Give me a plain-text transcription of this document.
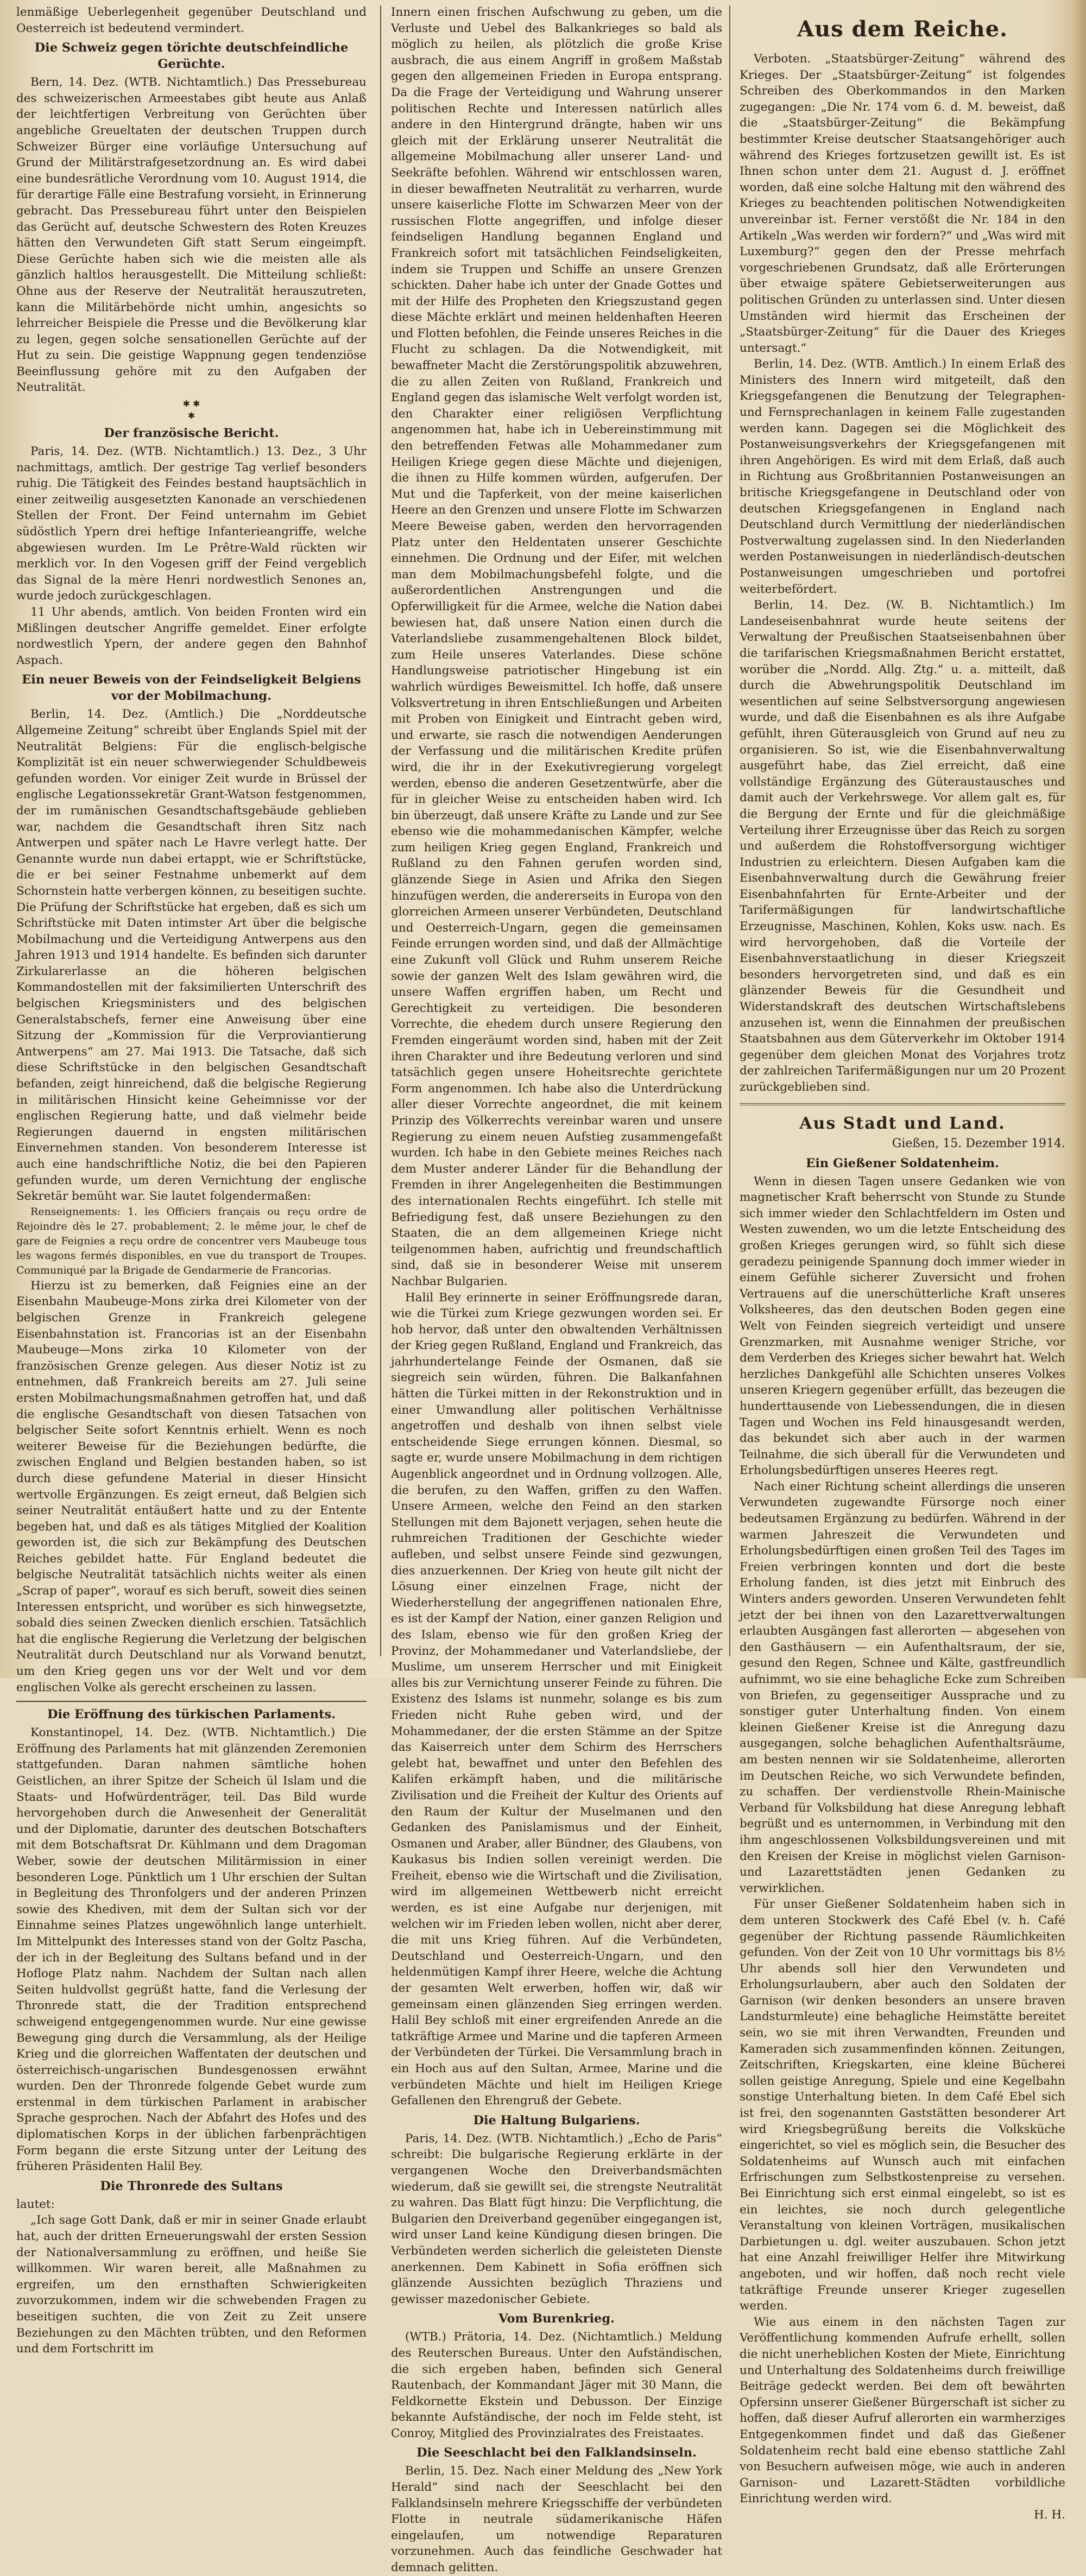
lenmäßige Ueberlegenheit gegenüber Deutschland und Oesterreich ist bedeutend vermindert.

Die Schweiz gegen törichte deutschfeindliche Gerüchte.

Bern, 14. Dez. (WTB. Nichtamtlich.) Das Pressebureau des schweizerischen Armeestabes gibt heute aus Anlaß der leichtfertigen Verbreitung von Gerüchten über angebliche Greueltaten der deutschen Truppen durch Schweizer Bürger eine vorläufige Untersuchung auf Grund der Militärstrafgesetzordnung an. Es wird dabei eine bundesrätliche Verordnung vom 10. August 1914, die für derartige Fälle eine Bestrafung vorsieht, in Erinnerung gebracht. Das Pressebureau führt unter den Beispielen das Gerücht auf, deutsche Schwestern des Roten Kreuzes hätten den Verwundeten Gift statt Serum eingeimpft. Diese Gerüchte haben sich wie die meisten alle als gänzlich haltlos herausgestellt. Die Mitteilung schließt: Ohne aus der Reserve der Neutralität herauszutreten, kann die Militärbehörde nicht umhin, angesichts so lehrreicher Beispiele die Presse und die Bevölkerung klar zu legen, gegen solche sensationellen Gerüchte auf der Hut zu sein. Die geistige Wappnung gegen tendenziöse Beeinflussung gehöre mit zu den Aufgaben der Neutralität.

✱ ✱
✱
Der französische Bericht.

Paris, 14. Dez. (WTB. Nichtamtlich.) 13. Dez., 3 Uhr nachmittags, amtlich. Der gestrige Tag verlief besonders ruhig. Die Tätigkeit des Feindes bestand hauptsächlich in einer zeitweilig ausgesetzten Kanonade an verschiedenen Stellen der Front. Der Feind unternahm im Gebiet südöstlich Ypern drei heftige Infanterieangriffe, welche abgewiesen wurden. Im Le Prêtre-Wald rückten wir merklich vor. In den Vogesen griff der Feind vergeblich das Signal de la mère Henri nordwestlich Senones an, wurde jedoch zurückgeschlagen.

11 Uhr abends, amtlich. Von beiden Fronten wird ein Mißlingen deutscher Angriffe gemeldet. Einer erfolgte nordwestlich Ypern, der andere gegen den Bahnhof Aspach.

Ein neuer Beweis von der Feindseligkeit Belgiens vor der Mobilmachung.

Berlin, 14. Dez. (Amtlich.) Die „Norddeutsche Allgemeine Zeitung“ schreibt über Englands Spiel mit der Neutralität Belgiens: Für die englisch-belgische Komplizität ist ein neuer schwerwiegender Schuldbeweis gefunden worden. Vor einiger Zeit wurde in Brüssel der englische Legationssekretär Grant-Watson festgenommen, der im rumänischen Gesandtschaftsgebäude geblieben war, nachdem die Gesandtschaft ihren Sitz nach Antwerpen und später nach Le Havre verlegt hatte. Der Genannte wurde nun dabei ertappt, wie er Schriftstücke, die er bei seiner Festnahme unbemerkt auf dem Schornstein hatte verbergen können, zu beseitigen suchte. Die Prüfung der Schriftstücke hat ergeben, daß es sich um Schriftstücke mit Daten intimster Art über die belgische Mobilmachung und die Verteidigung Antwerpens aus den Jahren 1913 und 1914 handelte. Es befinden sich darunter Zirkularerlasse an die höheren belgischen Kommandostellen mit der faksimilierten Unterschrift des belgischen Kriegsministers und des belgischen Generalstabschefs, ferner eine Anweisung über eine Sitzung der „Kommission für die Verproviantierung Antwerpens“ am 27. Mai 1913. Die Tatsache, daß sich diese Schriftstücke in den belgischen Gesandtschaft befanden, zeigt hinreichend, daß die belgische Regierung in militärischen Hinsicht keine Geheimnisse vor der englischen Regierung hatte, und daß vielmehr beide Regierungen dauernd in engsten militärischen Einvernehmen standen. Von besonderem Interesse ist auch eine handschriftliche Notiz, die bei den Papieren gefunden wurde, um deren Vernichtung der englische Sekretär bemüht war. Sie lautet folgendermaßen:

Renseignements: 1. les Officiers français ou reçu ordre de Rejoindre dès le 27. probablement; 2. le même jour, le chef de gare de Feignies a reçu ordre de concentrer vers Maubeuge tous les wagons fermés disponibles, en vue du transport de Troupes. Communiqué par la Brigade de Gendarmerie de Francorias.

Hierzu ist zu bemerken, daß Feignies eine an der Eisenbahn Maubeuge-Mons zirka drei Kilometer von der belgischen Grenze in Frankreich gelegene Eisenbahnstation ist. Francorias ist an der Eisenbahn Maubeuge—Mons zirka 10 Kilometer von der französischen Grenze gelegen. Aus dieser Notiz ist zu entnehmen, daß Frankreich bereits am 27. Juli seine ersten Mobilmachungsmaßnahmen getroffen hat, und daß die englische Gesandtschaft von diesen Tatsachen von belgischer Seite sofort Kenntnis erhielt. Wenn es noch weiterer Beweise für die Beziehungen bedürfte, die zwischen England und Belgien bestanden haben, so ist durch diese gefundene Material in dieser Hinsicht wertvolle Ergänzungen. Es zeigt erneut, daß Belgien sich seiner Neutralität entäußert hatte und zu der Entente begeben hat, und daß es als tätiges Mitglied der Koalition geworden ist, die sich zur Bekämpfung des Deutschen Reiches gebildet hatte. Für England bedeutet die belgische Neutralität tatsächlich nichts weiter als einen „Scrap of paper“, worauf es sich beruft, soweit dies seinen Interessen entspricht, und worüber es sich hinwegsetzte, sobald dies seinen Zwecken dienlich erschien. Tatsächlich hat die englische Regierung die Verletzung der belgischen Neutralität durch Deutschland nur als Vorwand benutzt, um den Krieg gegen uns vor der Welt und vor dem englischen Volke als gerecht erscheinen zu lassen.

Die Eröffnung des türkischen Parlaments.

Konstantinopel, 14. Dez. (WTB. Nichtamtlich.) Die Eröffnung des Parlaments hat mit glänzenden Zeremonien stattgefunden. Daran nahmen sämtliche hohen Geistlichen, an ihrer Spitze der Scheich ül Islam und die Staats- und Hofwürdenträger, teil. Das Bild wurde hervorgehoben durch die Anwesenheit der Generalität und der Diplomatie, darunter des deutschen Botschafters mit dem Botschaftsrat Dr. Kühlmann und dem Dragoman Weber, sowie der deutschen Militärmission in einer besonderen Loge. Pünktlich um 1 Uhr erschien der Sultan in Begleitung des Thronfolgers und der anderen Prinzen sowie des Khediven, mit dem der Sultan sich vor der Einnahme seines Platzes ungewöhnlich lange unterhielt. Im Mittelpunkt des Interesses stand von der Goltz Pascha, der ich in der Begleitung des Sultans befand und in der Hofloge Platz nahm. Nachdem der Sultan nach allen Seiten huldvollst gegrüßt hatte, fand die Verlesung der Thronrede statt, die der Tradition entsprechend schweigend entgegengenommen wurde. Nur eine gewisse Bewegung ging durch die Versammlung, als der Heilige Krieg und die glorreichen Waffentaten der deutschen und österreichisch-ungarischen Bundesgenossen erwähnt wurden. Den der Thronrede folgende Gebet wurde zum erstenmal in dem türkischen Parlament in arabischer Sprache gesprochen. Nach der Abfahrt des Hofes und des diplomatischen Korps in der üblichen farbenprächtigen Form begann die erste Sitzung unter der Leitung des früheren Präsidenten Halil Bey.

Die Thronrede des Sultans

lautet:

„Ich sage Gott Dank, daß er mir in seiner Gnade erlaubt hat, auch der dritten Erneuerungswahl der ersten Session der Nationalversammlung zu eröffnen, und heiße Sie willkommen. Wir waren bereit, alle Maßnahmen zu ergreifen, um den ernsthaften Schwierigkeiten zuvorzukommen, indem wir die schwebenden Fragen zu beseitigen suchten, die von Zeit zu Zeit unsere Beziehungen zu den Mächten trübten, und den Reformen und dem Fortschritt im

Innern einen frischen Aufschwung zu geben, um die Verluste und Uebel des Balkankrieges so bald als möglich zu heilen, als plötzlich die große Krise ausbrach, die aus einem Angriff in großem Maßstab gegen den allgemeinen Frieden in Europa entsprang. Da die Frage der Verteidigung und Wahrung unserer politischen Rechte und Interessen natürlich alles andere in den Hintergrund drängte, haben wir uns gleich mit der Erklärung unserer Neutralität die allgemeine Mobilmachung aller unserer Land- und Seekräfte befohlen. Während wir entschlossen waren, in dieser bewaffneten Neutralität zu verharren, wurde unsere kaiserliche Flotte im Schwarzen Meer von der russischen Flotte angegriffen, und infolge dieser feindseligen Handlung begannen England und Frankreich sofort mit tatsächlichen Feindseligkeiten, indem sie Truppen und Schiffe an unsere Grenzen schickten. Daher habe ich unter der Gnade Gottes und mit der Hilfe des Propheten den Kriegszustand gegen diese Mächte erklärt und meinen heldenhaften Heeren und Flotten befohlen, die Feinde unseres Reiches in die Flucht zu schlagen. Da die Notwendigkeit, mit bewaffneter Macht die Zerstörungspolitik abzuwehren, die zu allen Zeiten von Rußland, Frankreich und England gegen das islamische Welt verfolgt worden ist, den Charakter einer religiösen Verpflichtung angenommen hat, habe ich in Uebereinstimmung mit den betreffenden Fetwas alle Mohammedaner zum Heiligen Kriege gegen diese Mächte und diejenigen, die ihnen zu Hilfe kommen würden, aufgerufen. Der Mut und die Tapferkeit, von der meine kaiserlichen Heere an den Grenzen und unsere Flotte im Schwarzen Meere Beweise gaben, werden den hervorragenden Platz unter den Heldentaten unserer Geschichte einnehmen. Die Ordnung und der Eifer, mit welchen man dem Mobilmachungsbefehl folgte, und die außerordentlichen Anstrengungen und die Opferwilligkeit für die Armee, welche die Nation dabei bewiesen hat, daß unsere Nation einen durch die Vaterlandsliebe zusammengehaltenen Block bildet, zum Heile unseres Vaterlandes. Diese schöne Handlungsweise patriotischer Hingebung ist ein wahrlich würdiges Beweismittel. Ich hoffe, daß unsere Volksvertretung in ihren Entschließungen und Arbeiten mit Proben von Einigkeit und Eintracht geben wird, und erwarte, sie rasch die notwendigen Aenderungen der Verfassung und die militärischen Kredite prüfen wird, die ihr in der Exekutivregierung vorgelegt werden, ebenso die anderen Gesetzentwürfe, aber die für in gleicher Weise zu entscheiden haben wird. Ich bin überzeugt, daß unsere Kräfte zu Lande und zur See ebenso wie die mohammedanischen Kämpfer, welche zum heiligen Krieg gegen England, Frankreich und Rußland zu den Fahnen gerufen worden sind, glänzende Siege in Asien und Afrika den Siegen hinzufügen werden, die andererseits in Europa von den glorreichen Armeen unserer Verbündeten, Deutschland und Oesterreich-Ungarn, gegen die gemeinsamen Feinde errungen worden sind, und daß der Allmächtige eine Zukunft voll Glück und Ruhm unserem Reiche sowie der ganzen Welt des Islam gewähren wird, die unsere Waffen ergriffen haben, um Recht und Gerechtigkeit zu verteidigen. Die besonderen Vorrechte, die ehedem durch unsere Regierung den Fremden eingeräumt worden sind, haben mit der Zeit ihren Charakter und ihre Bedeutung verloren und sind tatsächlich gegen unsere Hoheitsrechte gerichtete Form angenommen. Ich habe also die Unterdrückung aller dieser Vorrechte angeordnet, die mit keinem Prinzip des Völkerrechts vereinbar waren und unsere Regierung zu einem neuen Aufstieg zusammengefaßt wurden. Ich habe in den Gebiete meines Reiches nach dem Muster anderer Länder für die Behandlung der Fremden in ihrer Angelegenheiten die Bestimmungen des internationalen Rechts eingeführt. Ich stelle mit Befriedigung fest, daß unsere Beziehungen zu den Staaten, die an dem allgemeinen Kriege nicht teilgenommen haben, aufrichtig und freundschaftlich sind, daß sie in besonderer Weise mit unserem Nachbar Bulgarien.

Halil Bey erinnerte in seiner Eröffnungsrede daran, wie die Türkei zum Kriege gezwungen worden sei. Er hob hervor, daß unter den obwaltenden Verhältnissen der Krieg gegen Rußland, England und Frankreich, das jahrhundertelange Feinde der Osmanen, daß sie siegreich sein würden, führen. Die Balkanfahnen hätten die Türkei mitten in der Rekonstruktion und in einer Umwandlung aller politischen Verhältnisse angetroffen und deshalb von ihnen selbst viele entscheidende Siege errungen können. Diesmal, so sagte er, wurde unsere Mobilmachung in dem richtigen Augenblick angeordnet und in Ordnung vollzogen. Alle, die berufen, zu den Waffen, griffen zu den Waffen. Unsere Armeen, welche den Feind an den starken Stellungen mit dem Bajonett verjagen, sehen heute die ruhmreichen Traditionen der Geschichte wieder aufleben, und selbst unsere Feinde sind gezwungen, dies anzuerkennen. Der Krieg von heute gilt nicht der Lösung einer einzelnen Frage, nicht der Wiederherstellung der angegriffenen nationalen Ehre, es ist der Kampf der Nation, einer ganzen Religion und des Islam, ebenso wie für den großen Krieg der Provinz, der Mohammedaner und Vaterlandsliebe, der Muslime, um unserem Herrscher und mit Einigkeit alles bis zur Vernichtung unserer Feinde zu führen. Die Existenz des Islams ist nunmehr, solange es bis zum Frieden nicht Ruhe geben wird, und der Mohammedaner, der die ersten Stämme an der Spitze das Kaiserreich unter dem Schirm des Herrschers gelebt hat, bewaffnet und unter den Befehlen des Kalifen erkämpft haben, und die militärische Zivilisation und die Freiheit der Kultur des Orients auf den Raum der Kultur der Muselmanen und den Gedanken des Panislamismus und der Einheit, Osmanen und Araber, aller Bündner, des Glaubens, von Kaukasus bis Indien sollen vereinigt werden. Die Freiheit, ebenso wie die Wirtschaft und die Zivilisation, wird im allgemeinen Wettbewerb nicht erreicht werden, es ist eine Aufgabe nur derjenigen, mit welchen wir im Frieden leben wollen, nicht aber derer, die mit uns Krieg führen. Auf die Verbündeten, Deutschland und Oesterreich-Ungarn, und den heldenmütigen Kampf ihrer Heere, welche die Achtung der gesamten Welt erwerben, hoffen wir, daß wir gemeinsam einen glänzenden Sieg erringen werden. Halil Bey schloß mit einer ergreifenden Anrede an die tatkräftige Armee und Marine und die tapferen Armeen der Verbündeten der Türkei. Die Versammlung brach in ein Hoch aus auf den Sultan, Armee, Marine und die verbündeten Mächte und hielt im Heiligen Kriege Gefallenen den Ehrengruß der Gebete.

Die Haltung Bulgariens.

Paris, 14. Dez. (WTB. Nichtamtlich.) „Echo de Paris“ schreibt: Die bulgarische Regierung erklärte in der vergangenen Woche den Dreiverbandsmächten wiederum, daß sie gewillt sei, die strengste Neutralität zu wahren. Das Blatt fügt hinzu: Die Verpflichtung, die Bulgarien den Dreiverband gegenüber eingegangen ist, wird unser Land keine Kündigung diesen bringen. Die Verbündeten werden sicherlich die geleisteten Dienste anerkennen. Dem Kabinett in Sofia eröffnen sich glänzende Aussichten bezüglich Thraziens und gewisser mazedonischer Gebiete.

Vom Burenkrieg.

(WTB.) Prätoria, 14. Dez. (Nichtamtlich.) Meldung des Reuterschen Bureaus. Unter den Aufständischen, die sich ergeben haben, befinden sich General Rautenbach, der Kommandant Jäger mit 30 Mann, die Feldkornette Ekstein und Debusson. Der Einzige bekannte Aufständische, der noch im Felde steht, ist Conroy, Mitglied des Provinzialrates des Freistaates.

Die Seeschlacht bei den Falklandsinseln.

Berlin, 15. Dez. Nach einer Meldung des „New York Herald“ sind nach der Seeschlacht bei den Falklandsinseln mehrere Kriegsschiffe der verbündeten Flotte in neutrale südamerikanische Häfen eingelaufen, um notwendige Reparaturen vorzunehmen. Auch das feindliche Geschwader hat demnach gelitten.

Aus dem Reiche.

Verboten. „Staatsbürger-Zeitung“ während des Krieges. Der „Staatsbürger-Zeitung“ ist folgendes Schreiben des Oberkommandos in den Marken zugegangen: „Die Nr. 174 vom 6. d. M. beweist, daß die „Staatsbürger-Zeitung“ die Bekämpfung bestimmter Kreise deutscher Staatsangehöriger auch während des Krieges fortzusetzen gewillt ist. Es ist Ihnen schon unter dem 21. August d. J. eröffnet worden, daß eine solche Haltung mit den während des Krieges zu beachtenden politischen Notwendigkeiten unvereinbar ist. Ferner verstößt die Nr. 184 in den Artikeln „Was werden wir fordern?“ und „Was wird mit Luxemburg?“ gegen den der Presse mehrfach vorgeschriebenen Grundsatz, daß alle Erörterungen über etwaige spätere Gebietserweiterungen aus politischen Gründen zu unterlassen sind. Unter diesen Umständen wird hiermit das Erscheinen der „Staatsbürger-Zeitung“ für die Dauer des Krieges untersagt.“

Berlin, 14. Dez. (WTB. Amtlich.) In einem Erlaß des Ministers des Innern wird mitgeteilt, daß den Kriegsgefangenen die Benutzung der Telegraphen- und Fernsprechanlagen in keinem Falle zugestanden werden kann. Dagegen sei die Möglichkeit des Postanweisungsverkehrs der Kriegsgefangenen mit ihren Angehörigen. Es wird mit dem Erlaß, daß auch in Richtung aus Großbritannien Postanweisungen an britische Kriegsgefangene in Deutschland oder von deutschen Kriegsgefangenen in England nach Deutschland durch Vermittlung der niederländischen Postverwaltung zugelassen sind. In den Niederlanden werden Postanweisungen in niederländisch-deutschen Postanweisungen umgeschrieben und portofrei weiterbefördert.

Berlin, 14. Dez. (W. B. Nichtamtlich.) Im Landeseisenbahnrat wurde heute seitens der Verwaltung der Preußischen Staatseisenbahnen über die tarifarischen Kriegsmaßnahmen Bericht erstattet, worüber die „Nordd. Allg. Ztg.“ u. a. mitteilt, daß durch die Abwehrungspolitik Deutschland im wesentlichen auf seine Selbstversorgung angewiesen wurde, und daß die Eisenbahnen es als ihre Aufgabe gefühlt, ihren Güterausgleich von Grund auf neu zu organisieren. So ist, wie die Eisenbahnverwaltung ausgeführt habe, das Ziel erreicht, daß eine vollständige Ergänzung des Güteraustausches und damit auch der Verkehrswege. Vor allem galt es, für die Bergung der Ernte und für die gleichmäßige Verteilung ihrer Erzeugnisse über das Reich zu sorgen und außerdem die Rohstoffversorgung wichtiger Industrien zu erleichtern. Diesen Aufgaben kam die Eisenbahnverwaltung durch die Gewährung freier Eisenbahnfahrten für Ernte-Arbeiter und der Tarifermäßigungen für landwirtschaftliche Erzeugnisse, Maschinen, Kohlen, Koks usw. nach. Es wird hervorgehoben, daß die Vorteile der Eisenbahnverstaatlichung in dieser Kriegszeit besonders hervorgetreten sind, und daß es ein glänzender Beweis für die Gesundheit und Widerstandskraft des deutschen Wirtschaftslebens anzusehen ist, wenn die Einnahmen der preußischen Staatsbahnen aus dem Güterverkehr im Oktober 1914 gegenüber dem gleichen Monat des Vorjahres trotz der zahlreichen Tarifermäßigungen nur um 20 Prozent zurückgeblieben sind.

Aus Stadt und Land.
Gießen, 15. Dezember 1914.
Ein Gießener Soldatenheim.

Wenn in diesen Tagen unsere Gedanken wie von magnetischer Kraft beherrscht von Stunde zu Stunde sich immer wieder den Schlachtfeldern im Osten und Westen zuwenden, wo um die letzte Entscheidung des großen Krieges gerungen wird, so fühlt sich diese geradezu peinigende Spannung doch immer wieder in einem Gefühle sicherer Zuversicht und frohen Vertrauens auf die unerschütterliche Kraft unseres Volksheeres, das den deutschen Boden gegen eine Welt von Feinden siegreich verteidigt und unsere Grenzmarken, mit Ausnahme weniger Striche, vor dem Verderben des Krieges sicher bewahrt hat. Welch herzliches Dankgefühl alle Schichten unseres Volkes unseren Kriegern gegenüber erfüllt, das bezeugen die hunderttausende von Liebessendungen, die in diesen Tagen und Wochen ins Feld hinausgesandt werden, das bekundet sich aber auch in der warmen Teilnahme, die sich überall für die Verwundeten und Erholungsbedürftigen unseres Heeres regt.

Nach einer Richtung scheint allerdings die unseren Verwundeten zugewandte Fürsorge noch einer bedeutsamen Ergänzung zu bedürfen. Während in der warmen Jahreszeit die Verwundeten und Erholungsbedürftigen einen großen Teil des Tages im Freien verbringen konnten und dort die beste Erholung fanden, ist dies jetzt mit Einbruch des Winters anders geworden. Unseren Verwundeten fehlt jetzt der bei ihnen von den Lazarettverwaltungen erlaubten Ausgängen fast allerorten — abgesehen von den Gasthäusern — ein Aufenthaltsraum, der sie, gesund den Regen, Schnee und Kälte, gastfreundlich aufnimmt, wo sie eine behagliche Ecke zum Schreiben von Briefen, zu gegenseitiger Aussprache und zu sonstiger guter Unterhaltung finden. Von einem kleinen Gießener Kreise ist die Anregung dazu ausgegangen, solche behaglichen Aufenthaltsräume, am besten nennen wir sie Soldatenheime, allerorten im Deutschen Reiche, wo sich Verwundete befinden, zu schaffen. Der verdienstvolle Rhein-Mainische Verband für Volksbildung hat diese Anregung lebhaft begrüßt und es unternommen, in Verbindung mit den ihm angeschlossenen Volksbildungsvereinen und mit den Kreisen der Kreise in möglichst vielen Garnison- und Lazarettstädten jenen Gedanken zu verwirklichen.

Für unser Gießener Soldatenheim haben sich in dem unteren Stockwerk des Café Ebel (v. h. Café gegenüber der Richtung passende Räumlichkeiten gefunden. Von der Zeit von 10 Uhr vormittags bis 8½ Uhr abends soll hier den Verwundeten und Erholungsurlaubern, aber auch den Soldaten der Garnison (wir denken besonders an unsere braven Landsturmleute) eine behagliche Heimstätte bereitet sein, wo sie mit ihren Verwandten, Freunden und Kameraden sich zusammenfinden können. Zeitungen, Zeitschriften, Kriegskarten, eine kleine Bücherei sollen geistige Anregung, Spiele und eine Kegelbahn sonstige Unterhaltung bieten. In dem Café Ebel sich ist frei, den sogenannten Gaststätten besonderer Art wird Kriegsbegrüßung bereits die Volksküche eingerichtet, so viel es möglich sein, die Besucher des Soldatenheims auf Wunsch auch mit einfachen Erfrischungen zum Selbstkostenpreise zu versehen. Bei Einrichtung sich erst einmal eingelebt, so ist es ein leichtes, sie noch durch gelegentliche Veranstaltung von kleinen Vorträgen, musikalischen Darbietungen u. dgl. weiter auszubauen. Schon jetzt hat eine Anzahl freiwilliger Helfer ihre Mitwirkung angeboten, und wir hoffen, daß noch recht viele tatkräftige Freunde unserer Krieger zugesellen werden.

Wie aus einem in den nächsten Tagen zur Veröffentlichung kommenden Aufrufe erhellt, sollen die nicht unerheblichen Kosten der Miete, Einrichtung und Unterhaltung des Soldatenheims durch freiwillige Beiträge gedeckt werden. Bei dem oft bewährten Opfersinn unserer Gießener Bürgerschaft ist sicher zu hoffen, daß dieser Aufruf allerorten ein warmherziges Entgegenkommen findet und daß das Gießener Soldatenheim recht bald eine ebenso stattliche Zahl von Besuchern aufweisen möge, wie auch in anderen Garnison- und Lazarett-Städten vorbildliche Einrichtung werden wird.

H. H.
